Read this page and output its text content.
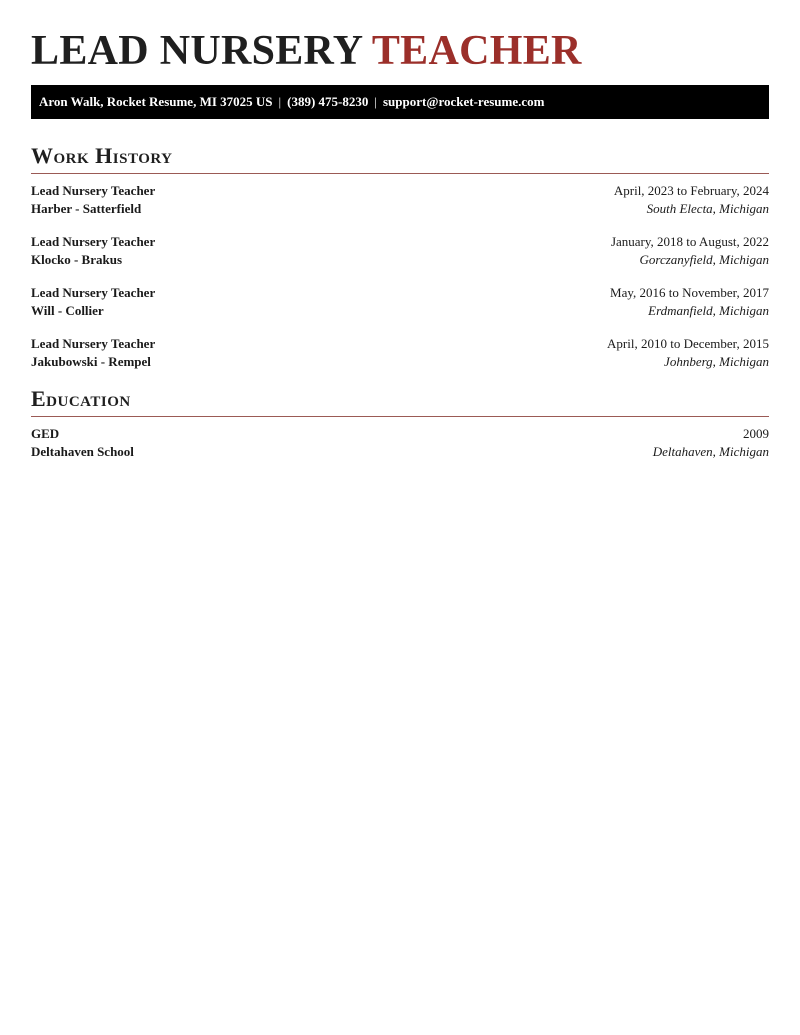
LEAD NURSERY TEACHER
Aron Walk, Rocket Resume, MI 37025 US | (389) 475-8230 | support@rocket-resume.com
Work History
Lead Nursery Teacher	April, 2023 to February, 2024
Harber - Satterfield	South Electa, Michigan
Lead Nursery Teacher	January, 2018 to August, 2022
Klocko - Brakus	Gorczanyfield, Michigan
Lead Nursery Teacher	May, 2016 to November, 2017
Will - Collier	Erdmanfield, Michigan
Lead Nursery Teacher	April, 2010 to December, 2015
Jakubowski - Rempel	Johnberg, Michigan
Education
GED	2009
Deltahaven School	Deltahaven, Michigan
